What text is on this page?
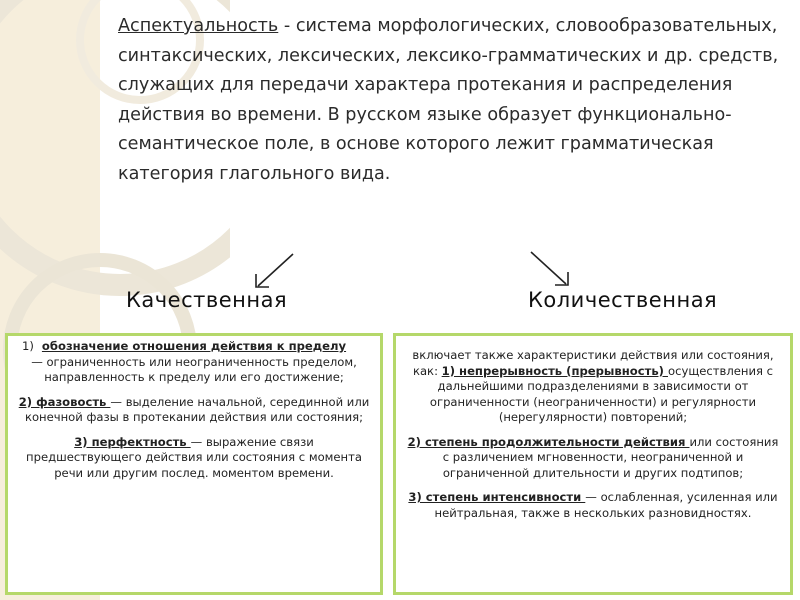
Аспектуальность - система морфологических, словообразовательных, синтаксических, лексических, лексико-грамматических и др. средств, служащих для передачи характера протекания и распределения действия во времени. В русском языке образует функционально-семантическое поле, в основе которого лежит грамматическая категория глагольного вида.

Качественная	Количественная
1) обозначение отношения действия к пределу

— ограниченность или неограниченность пределом,

направленность к пределу или его достижение;

2) фазовость — выделение начальной, серединной или конечной фазы в протекании действия или состояния;

3) перфектность — выражение связи предшествующего действия или состояния с момента речи или другим послед. моментом времени.

включает также характеристики действия или состояния, как: 1) непрерывность (прерывность) осуществления с дальнейшими подразделениями в зависимости от ограниченности (неограниченности) и регулярности (нерегулярности) повторений;

2) степень продолжительности действия или состояния с различением мгновенности, неограниченной и ограниченной длительности и других подтипов;

3) степень интенсивности — ослабленная, усиленная или нейтральная, также в нескольких разновидностях.
